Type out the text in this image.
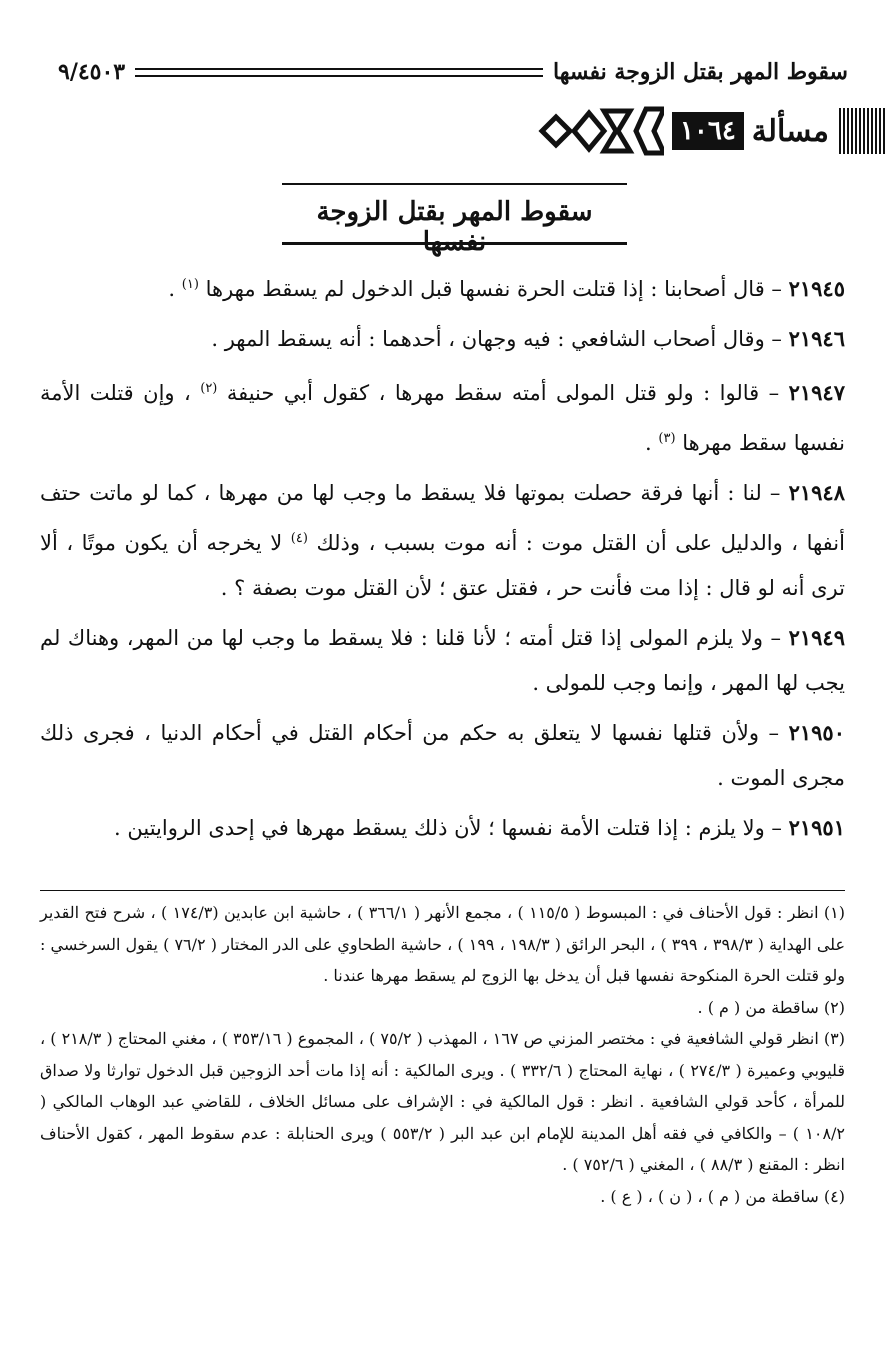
سقوط المهر بقتل الزوجة نفسها
٩/٤٥٠٣
مسألة
١٠٦٤
سقوط المهر بقتل الزوجة نفسها

٢١٩٤٥ – قال أصحابنا : إذا قتلت الحرة نفسها قبل الدخول لم يسقط مهرها $^{(١)}$ .

٢١٩٤٦ – وقال أصحاب الشافعي : فيه وجهان ، أحدهما : أنه يسقط المهر .

٢١٩٤٧ – قالوا : ولو قتل المولى أمته سقط مهرها ، كقول أبي حنيفة $^{(٢)}$ ، وإن قتلت الأمة نفسها سقط مهرها $^{(٣)}$ .

٢١٩٤٨ – لنا : أنها فرقة حصلت بموتها فلا يسقط ما وجب لها من مهرها ، كما لو ماتت حتف أنفها ، والدليل على أن القتل موت : أنه موت بسبب ، وذلك $^{(٤)}$ لا يخرجه أن يكون موتًا ، ألا ترى أنه لو قال : إذا مت فأنت حر ، فقتل عتق ؛ لأن القتل موت بصفة ؟ .

٢١٩٤٩ – ولا يلزم المولى إذا قتل أمته ؛ لأنا قلنا : فلا يسقط ما وجب لها من المهر، وهناك لم يجب لها المهر ، وإنما وجب للمولى .

٢١٩٥٠ – ولأن قتلها نفسها لا يتعلق به حكم من أحكام القتل في أحكام الدنيا ، فجرى ذلك مجرى الموت .

٢١٩٥١ – ولا يلزم : إذا قتلت الأمة نفسها ؛ لأن ذلك يسقط مهرها في إحدى الروايتين .

(١) انظر : قول الأحناف في : المبسوط ( ١١٥/٥ ) ، مجمع الأنهر ( ٣٦٦/١ ) ، حاشية ابن عابدين (١٧٤/٣ ) ، شرح فتح القدير على الهداية ( ٣٩٨/٣ ، ٣٩٩ ) ، البحر الرائق ( ١٩٨/٣ ، ١٩٩ ) ، حاشية الطحاوي على الدر المختار ( ٧٦/٢ ) يقول السرخسي : ولو قتلت الحرة المنكوحة نفسها قبل أن يدخل بها الزوج لم يسقط مهرها عندنا .

(٢) ساقطة من ( م ) .

(٣) انظر قولي الشافعية في : مختصر المزني ص ١٦٧ ، المهذب ( ٧٥/٢ ) ، المجموع ( ٣٥٣/١٦ ) ، مغني المحتاج ( ٢١٨/٣ ) ، قليوبي وعميرة ( ٢٧٤/٣ ) ، نهاية المحتاج ( ٣٣٢/٦ ) . ويرى المالكية : أنه إذا مات أحد الزوجين قبل الدخول توارثا ولا صداق للمرأة ، كأحد قولي الشافعية . انظر : قول المالكية في : الإشراف على مسائل الخلاف ، للقاضي عبد الوهاب المالكي ( ١٠٨/٢ ) – والكافي في فقه أهل المدينة للإمام ابن عبد البر ( ٥٥٣/٢ ) ويرى الحنابلة : عدم سقوط المهر ، كقول الأحناف انظر : المقنع ( ٨٨/٣ ) ، المغني ( ٧٥٢/٦ ) .

(٤) ساقطة من ( م ) ، ( ن ) ، ( ع ) .
